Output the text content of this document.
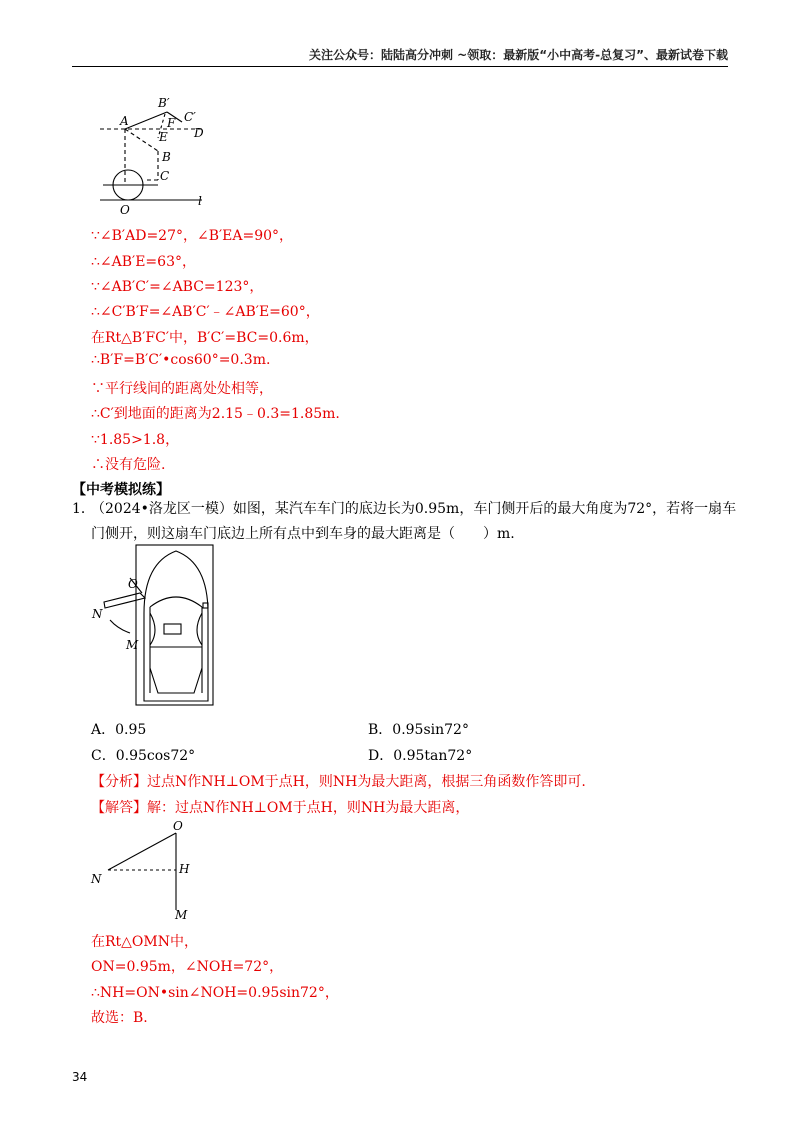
关注公众号：陆陆高分冲刺 ~领取：最新版“小中高考-总复习”、最新试卷下载
A
B′
C′
F
E D
B
C
O
l
∵∠B′AD=27°，∠B′EA=90°，
∴∠AB′E=63°，
∵∠AB′C′=∠ABC=123°，
∴∠C′B′F=∠AB′C′﹣∠AB′E=60°，
在Rt△B′FC′中，B′C′=BC=0.6m，
∴B′F=B′C′•cos60°=0.3m.
∵平行线间的距离处处相等，
∴C′到地面的距离为2.15﹣0.3=1.85m.
∵1.85>1.8，
∴没有危险.
【中考模拟练】
1．
（2024•洛龙区一模）如图，某汽车车门的底边长为0.95m，车门侧开后的最大角度为72°，若将一扇车
门侧开，则这扇车门底边上所有点中到车身的最大距离是（　　）m.
O
N
M
A．0.95	B．0.95sin72°
C．0.95cos72°	D．0.95tan72°
【分析】过点N作NH⊥OM于点H，则NH为最大距离，根据三角函数作答即可.
【解答】解：过点N作NH⊥OM于点H，则NH为最大距离，
O
N
H
M
在Rt△OMN中，
ON=0.95m，∠NOH=72°，
∴NH=ON•sin∠NOH=0.95sin72°，
故选：B.
34
